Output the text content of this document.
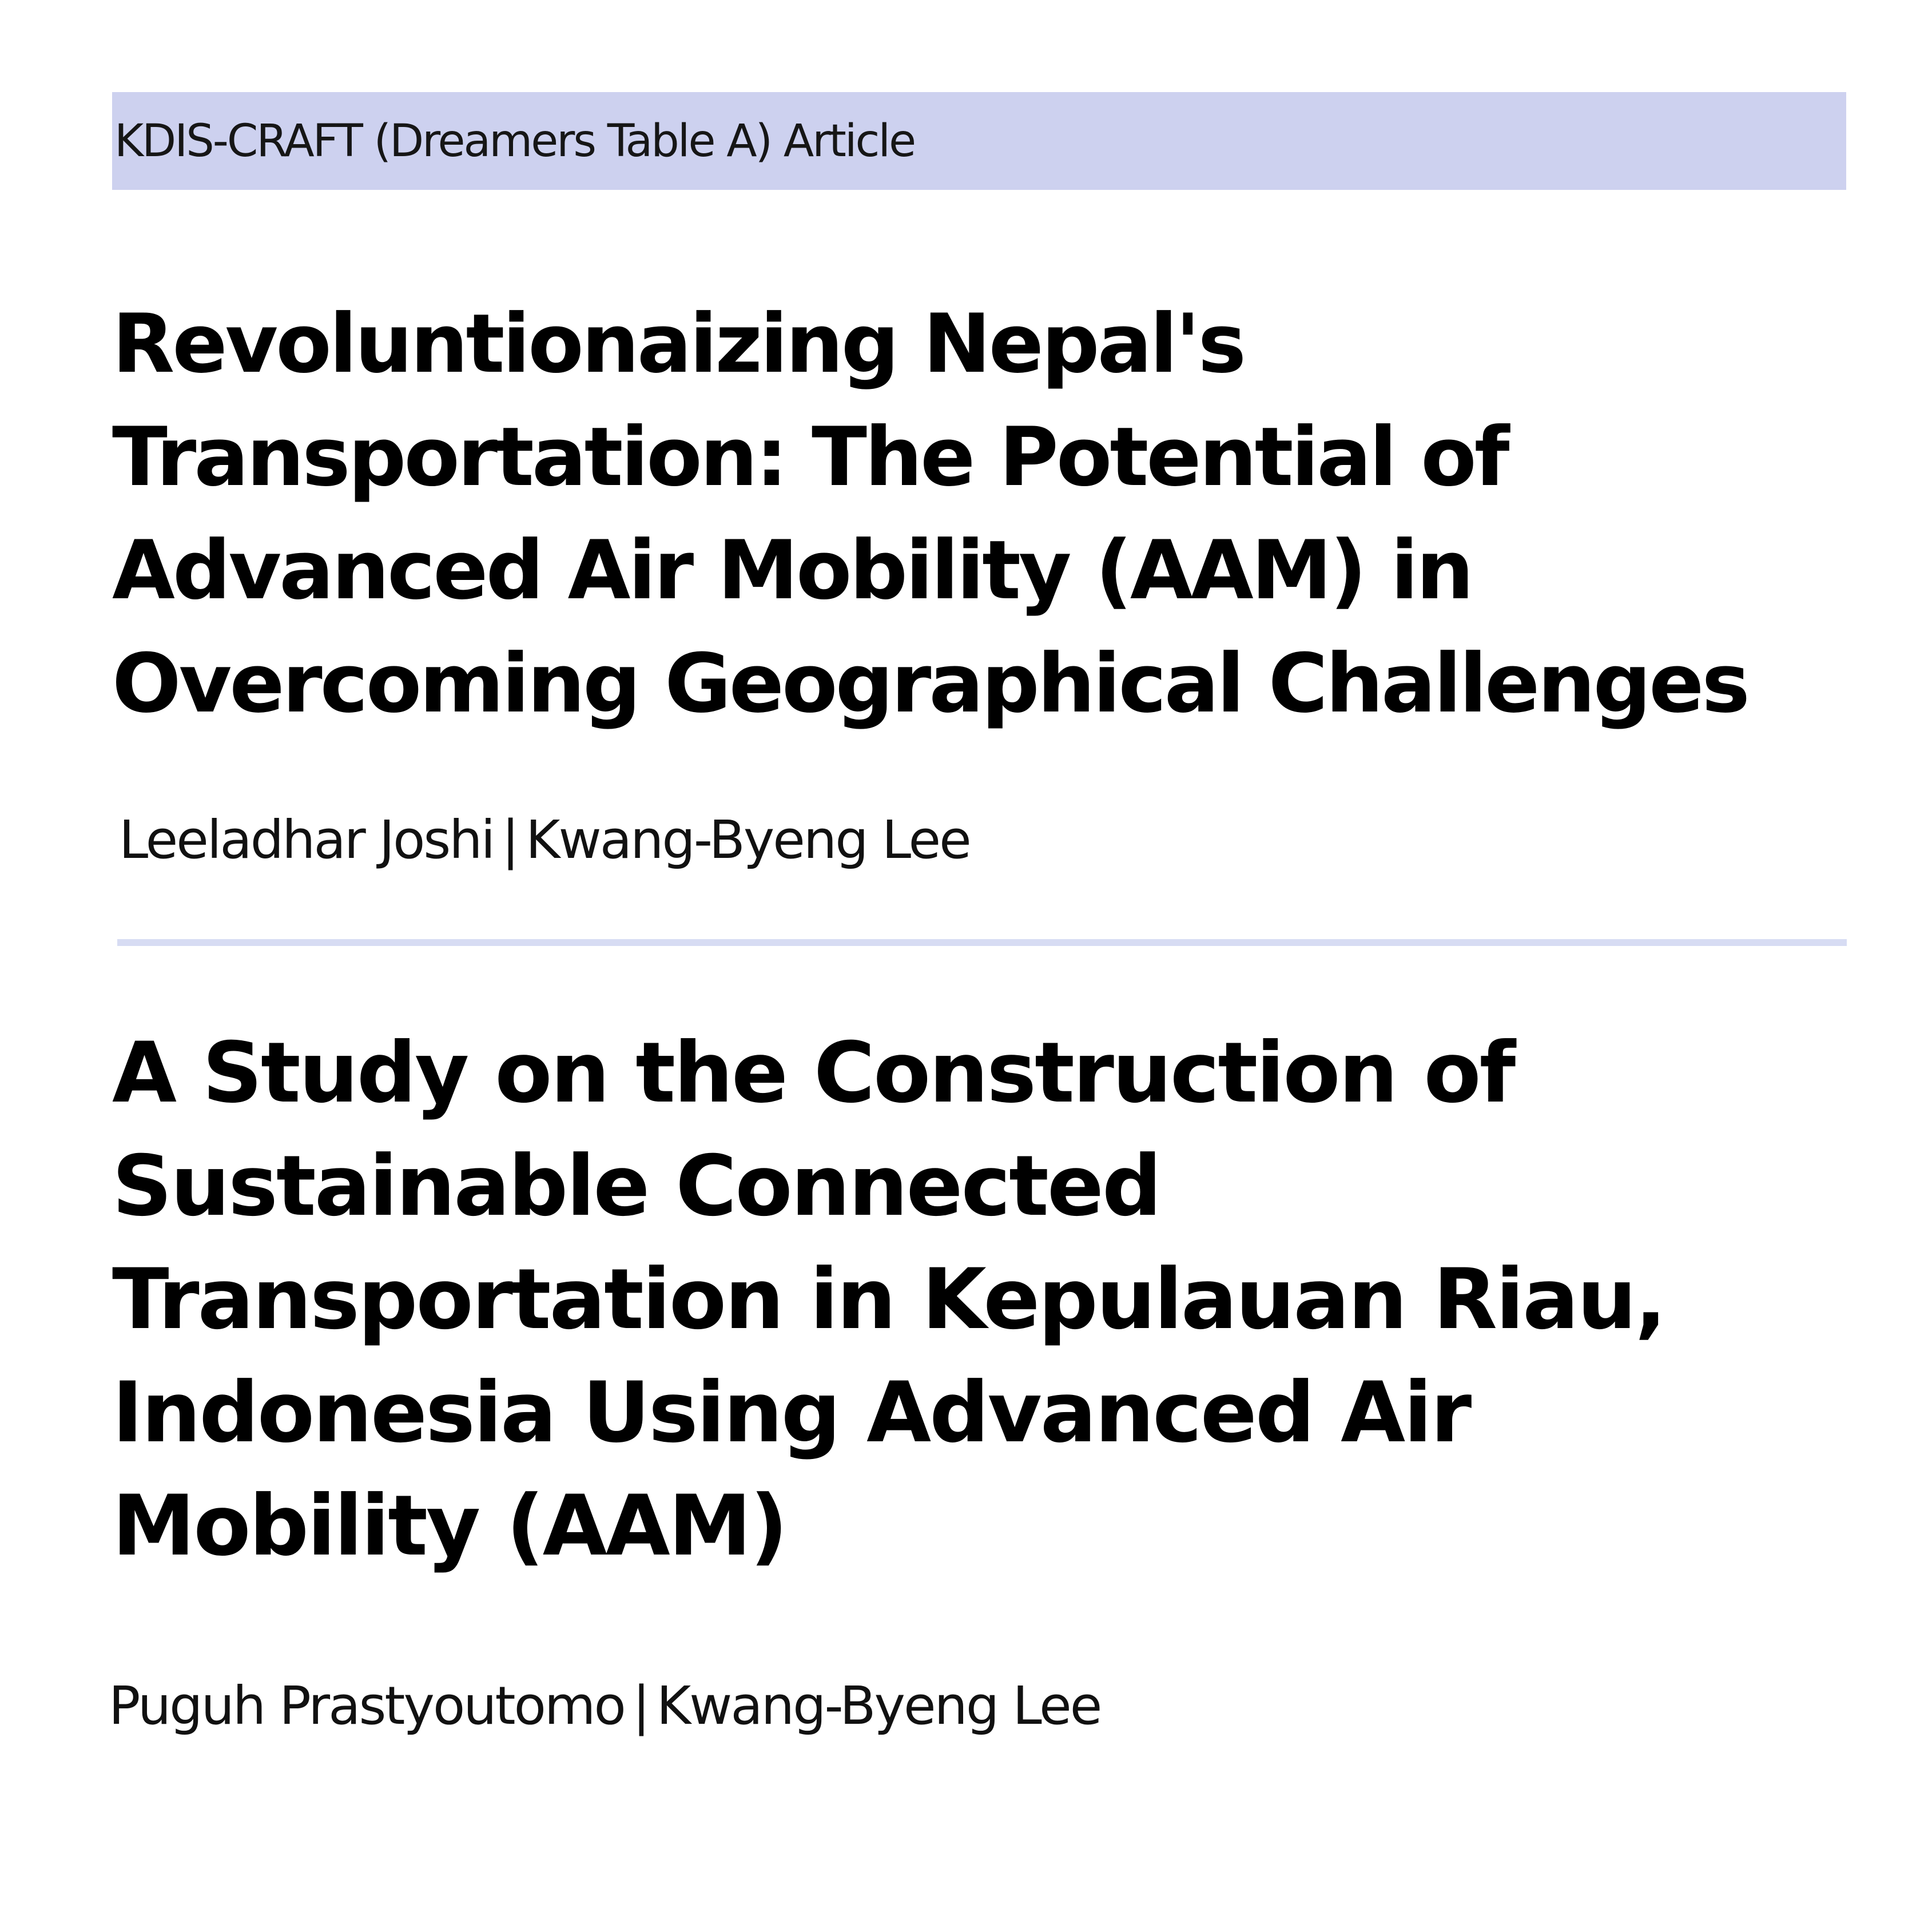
KDIS-CRAFT (Dreamers Table A) Article
Revoluntionaizing Nepal's
Transportation: The Potential of
Advanced Air Mobility (AAM) in
Overcoming Geographical Challenges
Leeladhar Joshi | Kwang-Byeng Lee
A Study on the Construction of
Sustainable Connected
Transportation in Kepulauan Riau,
Indonesia Using Advanced Air
Mobility (AAM)
Puguh Prastyoutomo | Kwang-Byeng Lee
